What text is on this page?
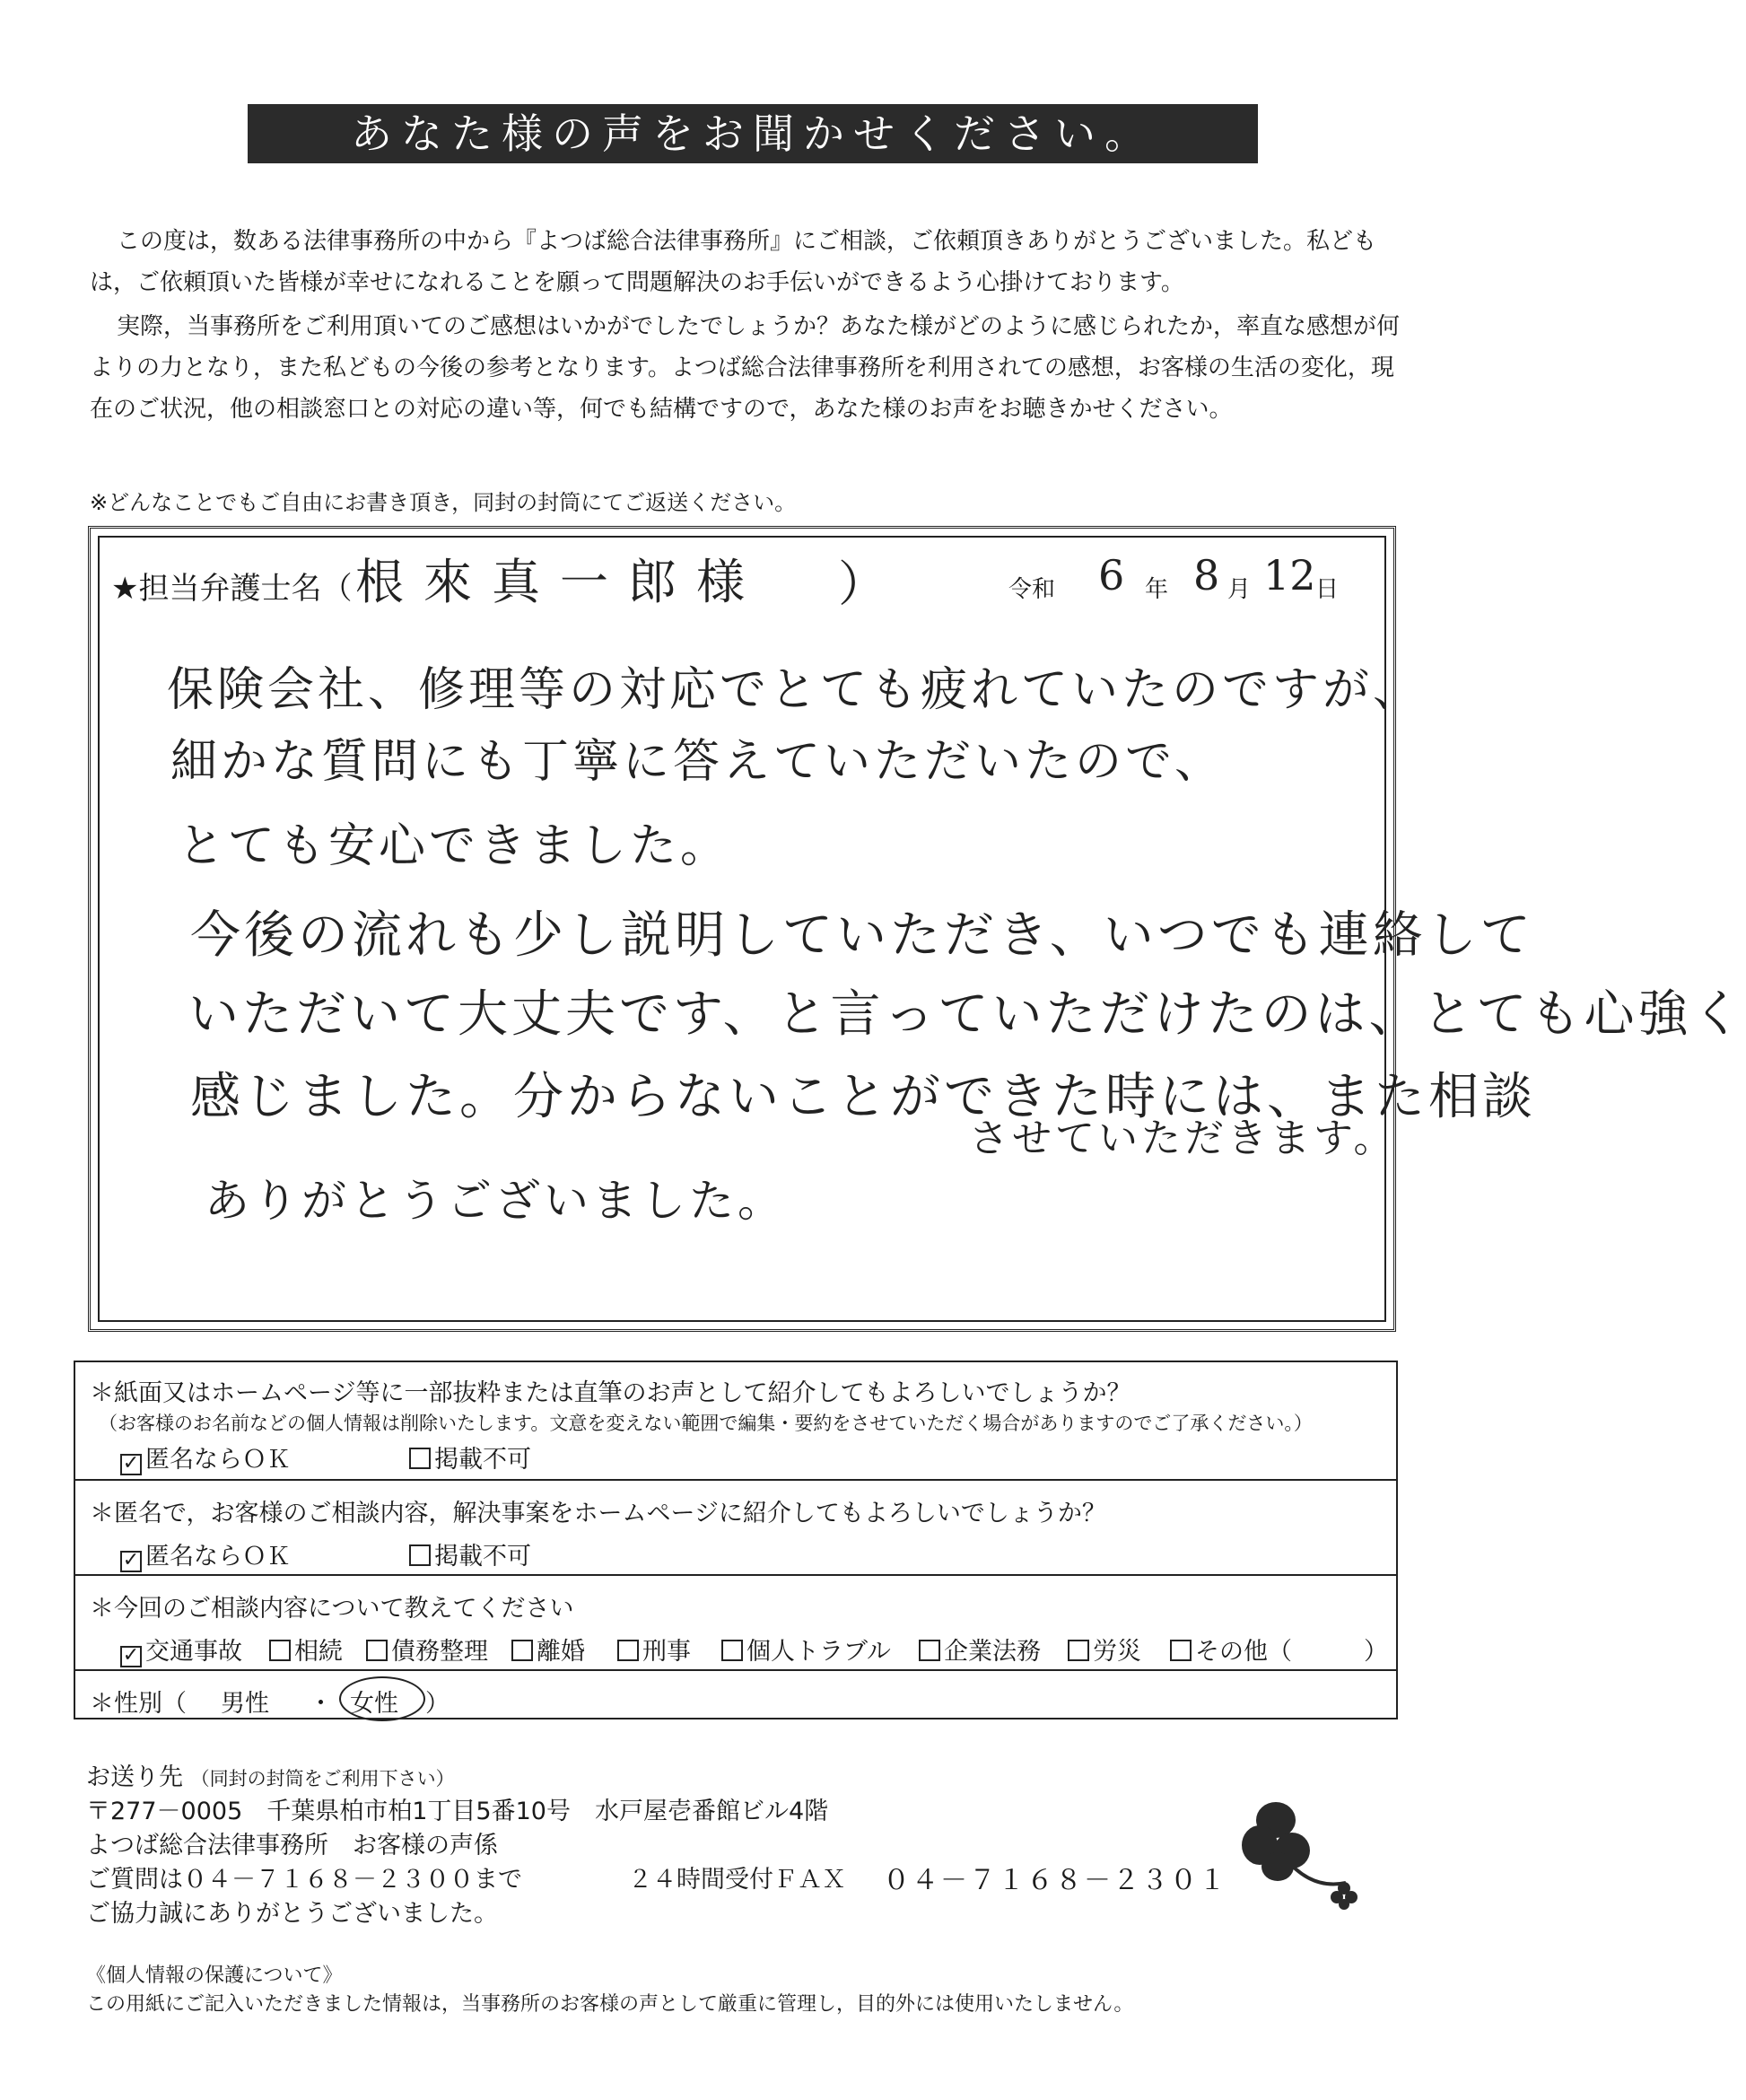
あなた様の声をお聞かせください。
この度は，数ある法律事務所の中から『よつば総合法律事務所』にご相談，ご依頼頂きありがとうございました。私どもは，ご依頼頂いた皆様が幸せになれることを願って問題解決のお手伝いができるよう心掛けております。
実際，当事務所をご利用頂いてのご感想はいかがでしたでしょうか？あなた様がどのように感じられたか，率直な感想が何よりの力となり，また私どもの今後の参考となります。よつば総合法律事務所を利用されての感想，お客様の生活の変化，現在のご状況，他の相談窓口との対応の違い等，何でも結構ですので，あなた様のお声をお聴きかせください。
※どんなことでもご自由にお書き頂き，同封の封筒にてご返送ください。
★担当弁護士名（ 根來真一郎様 ）	令和 6 年 8 月 12 日
保険会社、修理等の対応でとても疲れていたのですが、
細かな質問にも丁寧に答えていただいたので、
とても安心できました。
今後の流れも少し説明していただき、いつでも連絡して
いただいて大丈夫です、と言っていただけたのは、とても心強く
感じました。分からないことができた時には、また相談
させていただきます。
ありがとうございました。
＊紙面又はホームページ等に一部抜粋または直筆のお声として紹介してもよろしいでしょうか？
（お客様のお名前などの個人情報は削除いたします。文意を変えない範囲で編集・要約をさせていただく場合がありますのでご了承ください。）
✓ 匿名ならＯＫ	掲載不可
＊匿名で，お客様のご相談内容，解決事案をホームページに紹介してもよろしいでしょうか？
✓ 匿名ならＯＫ	掲載不可
＊今回のご相談内容について教えてください
✓ 交通事故	相続	債務整理	離婚	刑事	個人トラブル	企業法務	労災	その他（	）
＊性別（ 男性 ・ 女性 ）
お送り先 （同封の封筒をご利用下さい）
〒277－0005　千葉県柏市柏1丁目5番10号　水戸屋壱番館ビル4階
よつば総合法律事務所　お客様の声係
ご質問は０４－７１６８－２３００まで	２４時間受付ＦＡＸ ０４－７１６８－２３０１
ご協力誠にありがとうございました。
《個人情報の保護について》
この用紙にご記入いただきました情報は，当事務所のお客様の声として厳重に管理し，目的外には使用いたしません。
